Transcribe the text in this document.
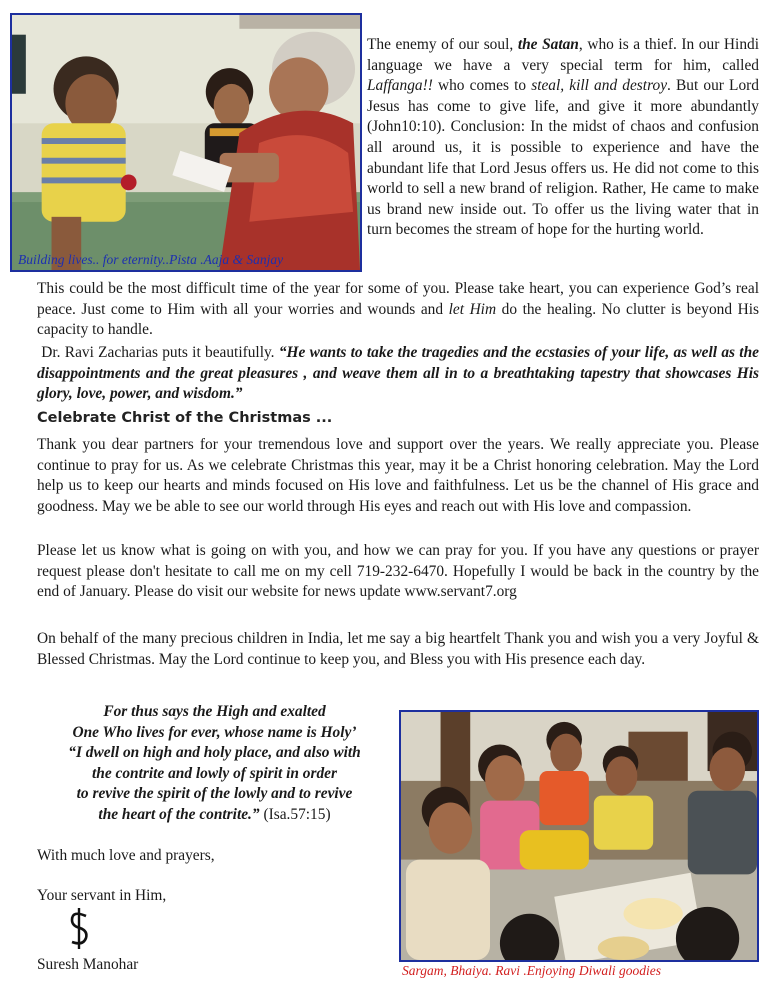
Building lives.. for eternity..Pista .Aaja & Sanjay

The enemy of our soul, the Satan, who is a thief. In our Hindi language we have a very special term for him, called Laffanga!! who comes to steal, kill and destroy. But our Lord Jesus has come to give life, and give it more abundantly (John10:10). Conclusion: In the midst of chaos and confusion all around us, it is possible to experience and have the abundant life that Lord Jesus offers us. He did not come to this world to sell a new brand of religion. Rather, He came to make us brand new inside out. To offer us the living water that in turn becomes the stream of hope for the hurting world.

This could be the most difficult time of the year for some of you. Please take heart, you can experience God’s real peace. Just come to Him with all your worries and wounds and let Him do the healing. No clutter is beyond His capacity to handle.

Dr. Ravi Zacharias puts it beautifully. “He wants to take the tragedies and the ecstasies of your life, as well as the disappointments and the great pleasures , and weave them all in to a breathtaking tapestry that showcases His glory, love, power, and wisdom.”

Celebrate Christ of the Christmas ...

Thank you dear partners for your tremendous love and support over the years. We really appreciate you. Please continue to pray for us. As we celebrate Christmas this year, may it be a Christ honoring celebration. May the Lord help us to keep our hearts and minds focused on His love and faithfulness. Let us be the channel of His grace and goodness. May we be able to see our world through His eyes and reach out with His love and compassion.

Please let us know what is going on with you, and how we can pray for you. If you have any questions or prayer request please don't hesitate to call me on my cell 719-232-6470. Hopefully I would be back in the country by the end of January. Please do visit our website for news update www.servant7.org

On behalf of the many precious children in India, let me say a big heartfelt Thank you and wish you a very Joyful & Blessed Christmas. May the Lord continue to keep you, and Bless you with His presence each day.

For thus says the High and exalted
One Who lives for ever, whose name is Holy’
“I dwell on high and holy place, and also with
the contrite and lowly of spirit in order
to revive the spirit of the lowly and to revive
the heart of the contrite.” (Isa.57:15)

With much love and prayers,

Your servant in Him,

Suresh Manohar	Sargam, Bhaiya. Ravi .Enjoying Diwali goodies
